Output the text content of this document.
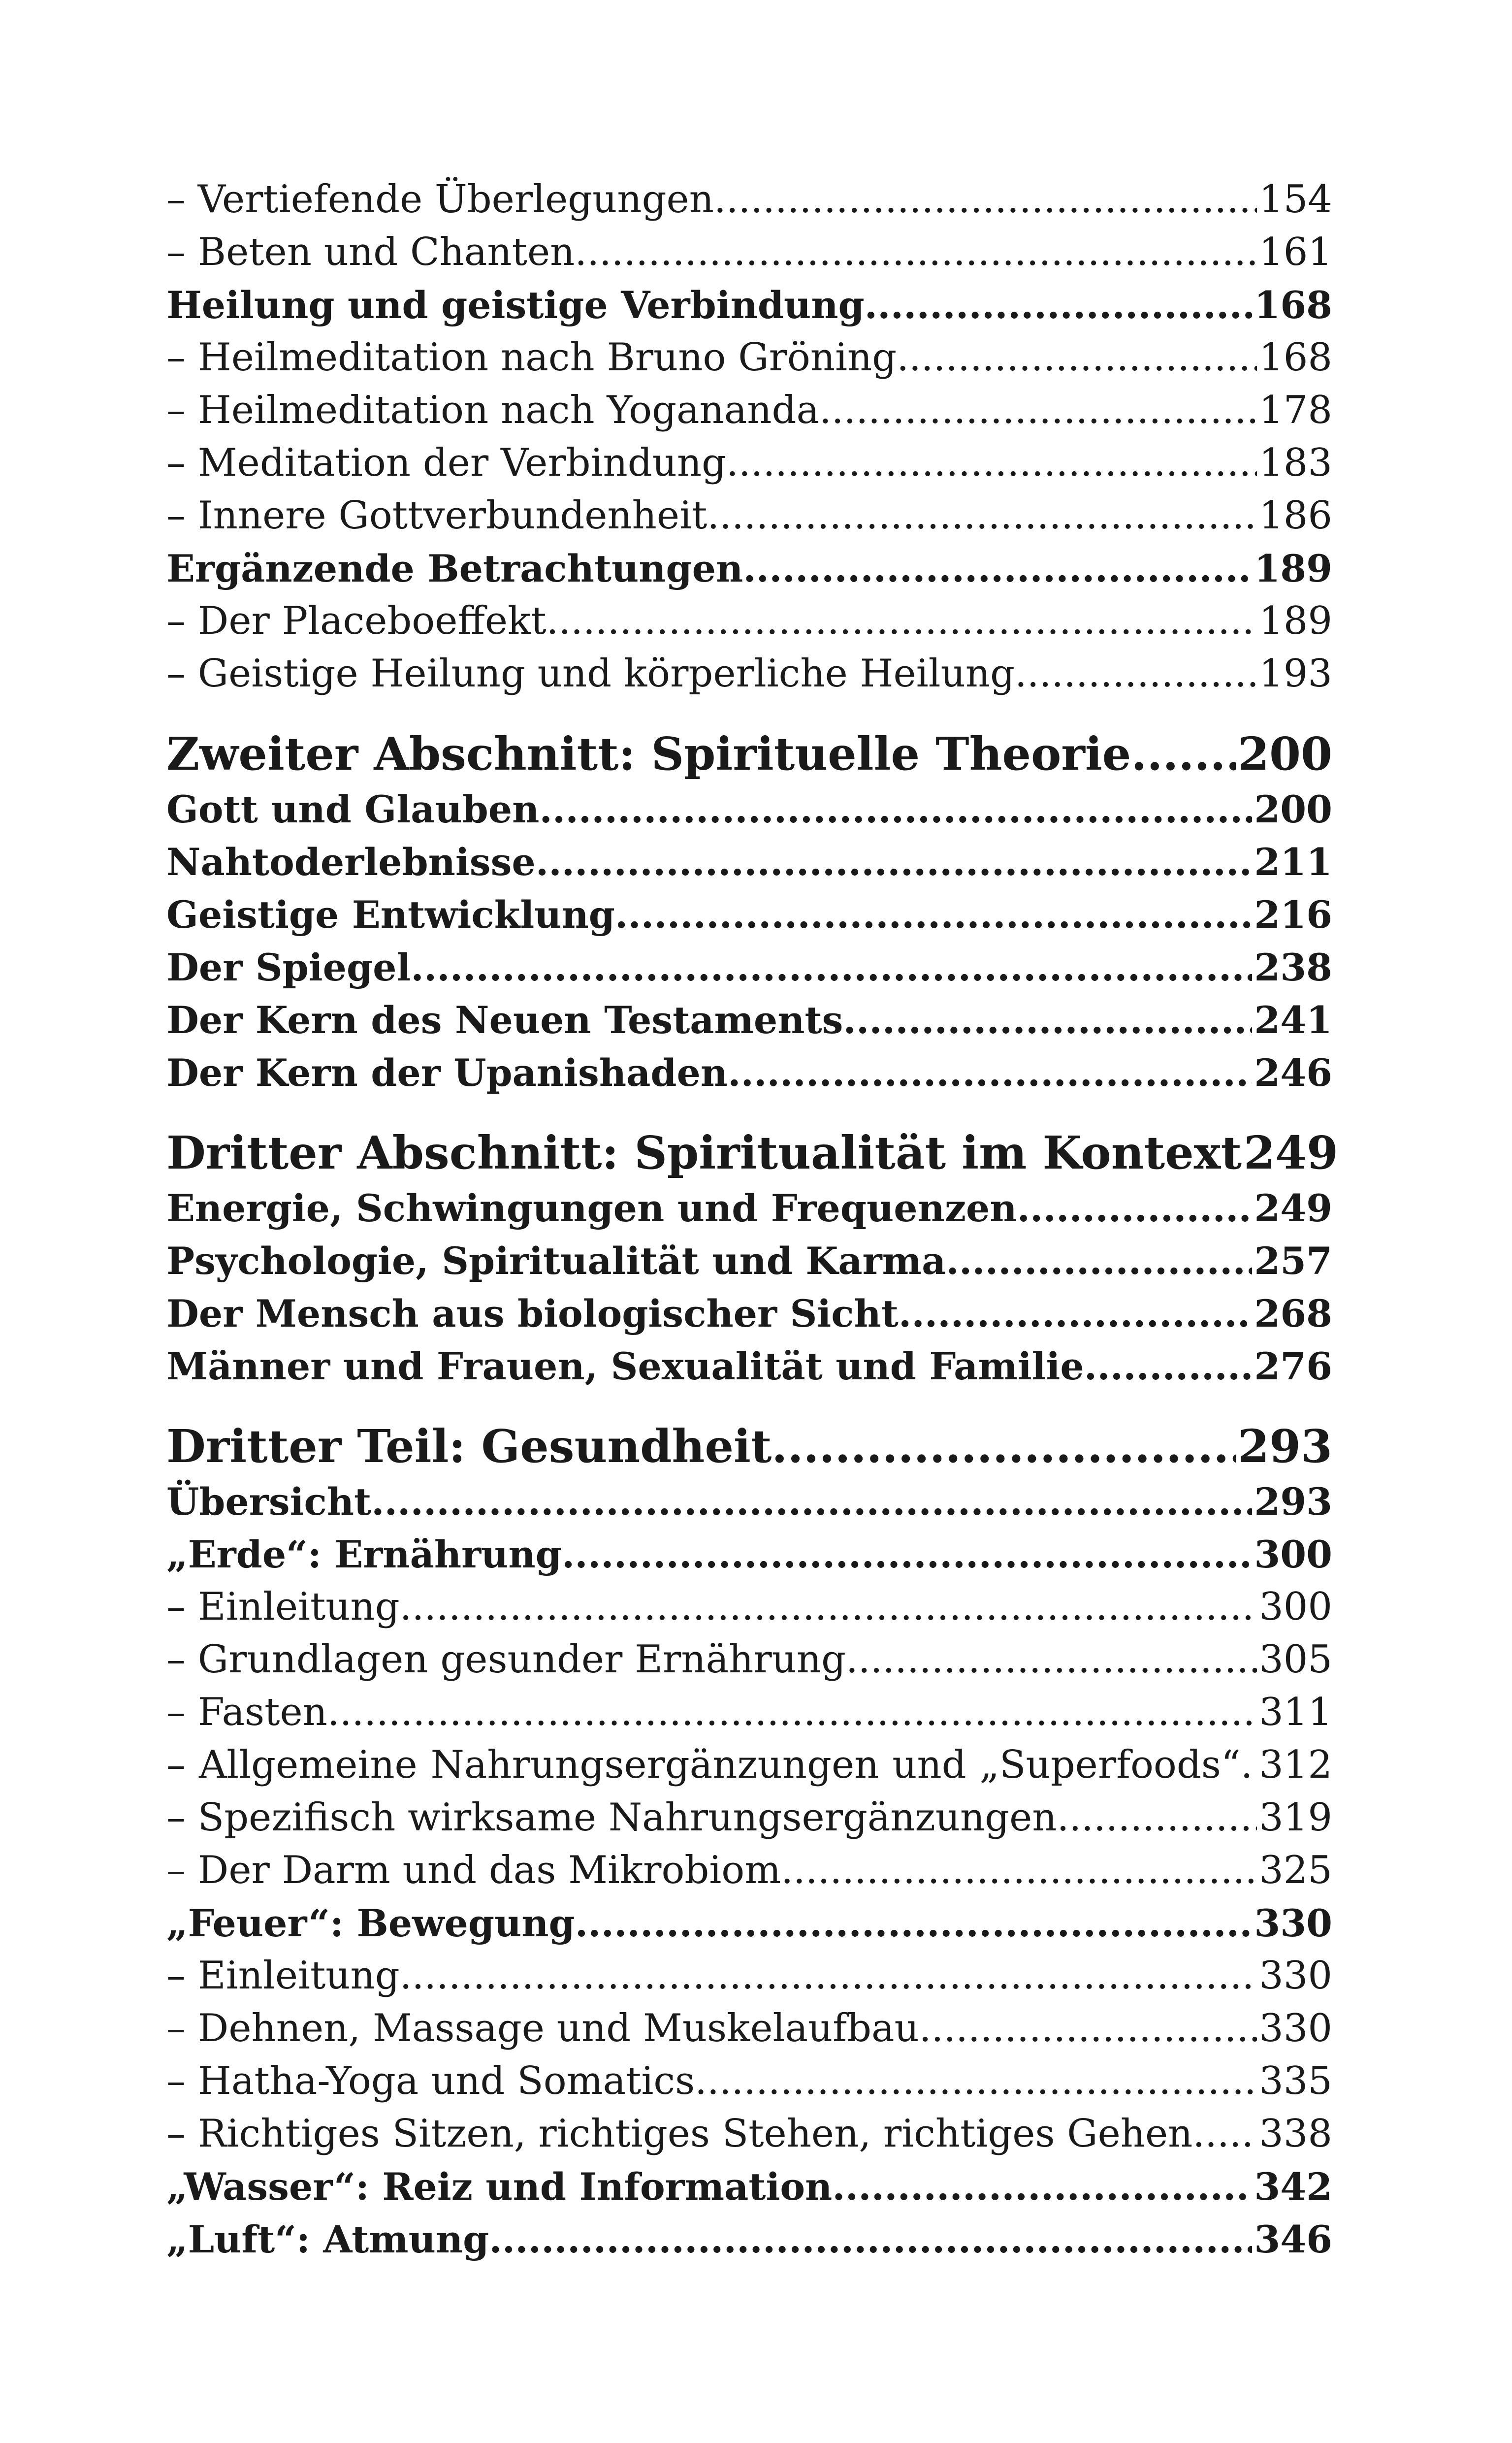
– Vertiefende Überlegungen .....	154
– Beten und Chanten .....	161
Heilung und geistige Verbindung .....	168
– Heilmeditation nach Bruno Gröning .....	168
– Heilmeditation nach Yogananda .....	178
– Meditation der Verbindung .....	183
– Innere Gottverbundenheit .....	186
Ergänzende Betrachtungen .....	189
– Der Placeboeffekt .....	189
– Geistige Heilung und körperliche Heilung .....	193
Zweiter Abschnitt: Spirituelle Theorie ..... 200
Gott und Glauben .....	200
Nahtoderlebnisse .....	211
Geistige Entwicklung .....	216
Der Spiegel .....	238
Der Kern des Neuen Testaments .....	241
Der Kern der Upanishaden .....	246
Dritter Abschnitt: Spiritualität im Kontext 249
Energie, Schwingungen und Frequenzen .....	249
Psychologie, Spiritualität und Karma .....	257
Der Mensch aus biologischer Sicht .....	268
Männer und Frauen, Sexualität und Familie .....	276
Dritter Teil: Gesundheit .....	293
Übersicht .....	293
„Erde“: Ernährung .....	300
– Einleitung .....	300
– Grundlagen gesunder Ernährung .....	305
– Fasten .....	311
– Allgemeine Nahrungsergänzungen und „Superfoods“. 312
– Spezifisch wirksame Nahrungsergänzungen .....	319
– Der Darm und das Mikrobiom .....	325
„Feuer“: Bewegung .....	330
– Einleitung .....	330
– Dehnen, Massage und Muskelaufbau .....	330
– Hatha-Yoga und Somatics .....	335
– Richtiges Sitzen, richtiges Stehen, richtiges Gehen ..... 338
„Wasser“: Reiz und Information .....	342
„Luft“: Atmung .....	346
